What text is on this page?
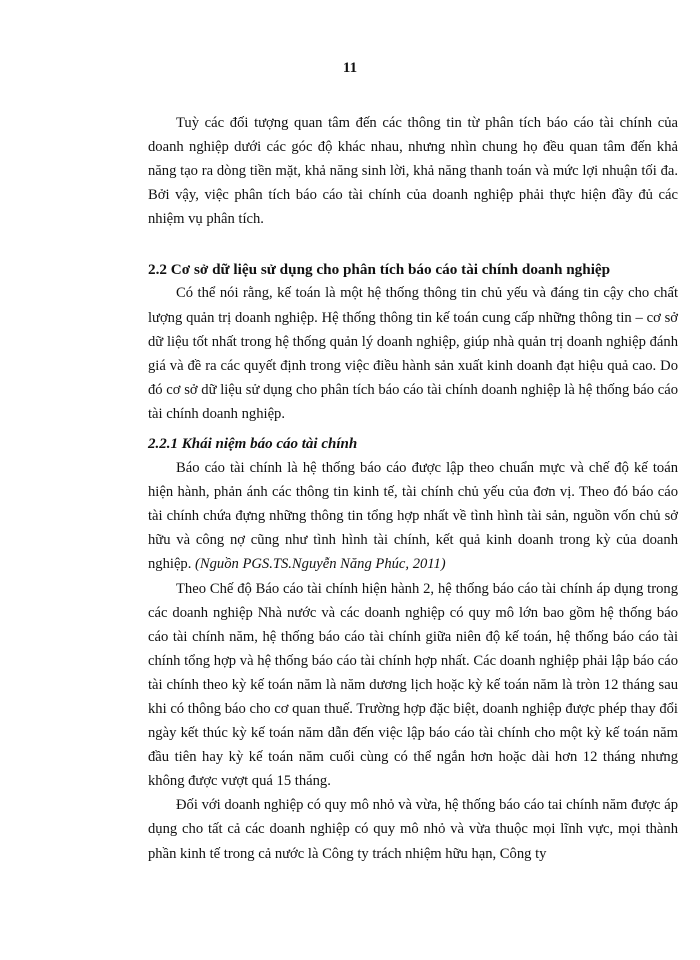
11

Tuỳ các đối tượng quan tâm đến các thông tin từ phân tích báo cáo tài chính của doanh nghiệp dưới các góc độ khác nhau, nhưng nhìn chung họ đều quan tâm đến khả năng tạo ra dòng tiền mặt, khả năng sinh lời, khả năng thanh toán và mức lợi nhuận tối đa. Bởi vậy, việc phân tích báo cáo tài chính của doanh nghiệp phải thực hiện đầy đủ các nhiệm vụ phân tích.

2.2 Cơ sở dữ liệu sử dụng cho phân tích báo cáo tài chính doanh nghiệp

Có thể nói rằng, kế toán là một hệ thống thông tin chủ yếu và đáng tin cậy cho chất lượng quản trị doanh nghiệp. Hệ thống thông tin kế toán cung cấp những thông tin – cơ sở dữ liệu tốt nhất trong hệ thống quản lý doanh nghiệp, giúp nhà quản trị doanh nghiệp đánh giá và đề ra các quyết định trong việc điều hành sản xuất kinh doanh đạt hiệu quả cao. Do đó cơ sở dữ liệu sử dụng cho phân tích báo cáo tài chính doanh nghiệp là hệ thống báo cáo tài chính doanh nghiệp.

2.2.1 Khái niệm báo cáo tài chính

Báo cáo tài chính là hệ thống báo cáo được lập theo chuẩn mực và chế độ kế toán hiện hành, phản ánh các thông tin kinh tế, tài chính chủ yếu của đơn vị. Theo đó báo cáo tài chính chứa đựng những thông tin tổng hợp nhất về tình hình tài sản, nguồn vốn chủ sở hữu và công nợ cũng như tình hình tài chính, kết quả kinh doanh trong kỳ của doanh nghiệp. (Nguồn PGS.TS.Nguyễn Năng Phúc, 2011)

Theo Chế độ Báo cáo tài chính hiện hành 2, hệ thống báo cáo tài chính áp dụng trong các doanh nghiệp Nhà nước và các doanh nghiệp có quy mô lớn bao gồm hệ thống báo cáo tài chính năm, hệ thống báo cáo tài chính giữa niên độ kế toán, hệ thống báo cáo tài chính tổng hợp và hệ thống báo cáo tài chính hợp nhất. Các doanh nghiệp phải lập báo cáo tài chính theo kỳ kế toán năm là năm dương lịch hoặc kỳ kế toán năm là tròn 12 tháng sau khi có thông báo cho cơ quan thuế. Trường hợp đặc biệt, doanh nghiệp được phép thay đổi ngày kết thúc kỳ kế toán năm dẫn đến việc lập báo cáo tài chính cho một kỳ kế toán năm đầu tiên hay kỳ kế toán năm cuối cùng có thể ngắn hơn hoặc dài hơn 12 tháng nhưng không được vượt quá 15 tháng.

Đối với doanh nghiệp có quy mô nhỏ và vừa, hệ thống báo cáo tai chính năm được áp dụng cho tất cả các doanh nghiệp có quy mô nhỏ và vừa thuộc mọi lĩnh vực, mọi thành phần kinh tế trong cả nước là Công ty trách nhiệm hữu hạn, Công ty
